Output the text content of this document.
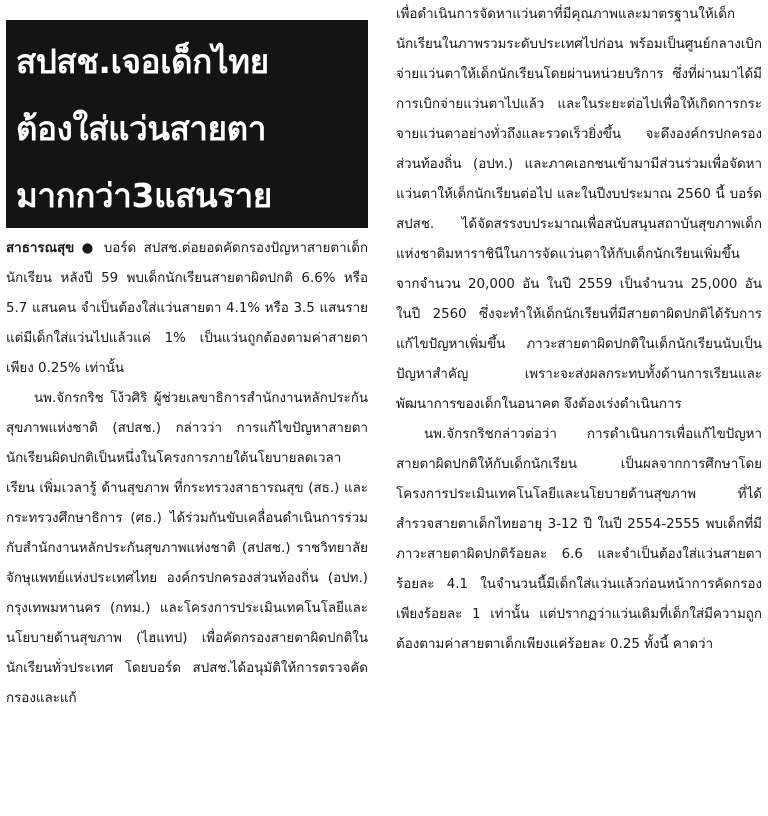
สปสช.เจอเด็กไทย
ต้องใส่แว่นสายตา
มากกว่า3แสนราย

สาธารณสุข ● บอร์ด สปสช.ต่อยอดคัดกรองปัญหาสายตาเด็กนักเรียน หลังปี 59 พบเด็กนักเรียนสายตาผิดปกติ 6.6% หรือ 5.7 แสนคน จำเป็นต้องใส่แว่นสายตา 4.1% หรือ 3.5 แสนราย แต่มีเด็กใส่แว่นไปแล้วแค่ 1% เป็นแว่นถูกต้องตามค่าสายตาเพียง 0.25% เท่านั้น

นพ.จักรกริช โง้วศิริ ผู้ช่วยเลขาธิการสำนักงานหลักประกันสุขภาพแห่งชาติ (สปสช.) กล่าวว่า การแก้ไขปัญหาสายตานักเรียนผิดปกติเป็นหนึ่งในโครงการภายใต้นโยบายลดเวลาเรียน เพิ่มเวลารู้ ด้านสุขภาพ ที่กระทรวงสาธารณสุข (สธ.) และกระทรวงศึกษาธิการ (ศธ.) ได้ร่วมกันขับเคลื่อนดำเนินการร่วมกับสำนักงานหลักประกันสุขภาพแห่งชาติ (สปสช.) ราชวิทยาลัยจักษุแพทย์แห่งประเทศไทย องค์กรปกครองส่วนท้องถิ่น (อปท.) กรุงเทพมหานคร (กทม.) และโครงการประเมินเทคโนโลยีและนโยบายด้านสุขภาพ (ไฮแทป) เพื่อคัดกรองสายตาผิดปกติในนักเรียนทั่วประเทศ โดยบอร์ด สปสช.ได้อนุมัติให้การตรวจคัดกรองและแก้

เพื่อดำเนินการจัดหาแว่นตาที่มีคุณภาพและมาตรฐานให้เด็กนักเรียนในภาพรวมระดับประเทศไปก่อน พร้อมเป็นศูนย์กลางเบิกจ่ายแว่นตาให้เด็กนักเรียนโดยผ่านหน่วยบริการ ซึ่งที่ผ่านมาได้มีการเบิกจ่ายแว่นตาไปแล้ว และในระยะต่อไปเพื่อให้เกิดการกระจายแว่นตาอย่างทั่วถึงและรวดเร็วยิ่งขึ้น จะดึงองค์กรปกครองส่วนท้องถิ่น (อปท.) และภาคเอกชนเข้ามามีส่วนร่วมเพื่อจัดหาแว่นตาให้เด็กนักเรียนต่อไป และในปีงบประมาณ 2560 นี้ บอร์ด สปสช. ได้จัดสรรงบประมาณเพื่อสนับสนุนสถาบันสุขภาพเด็กแห่งชาติมหาราชินีในการจัดแว่นตาให้กับเด็กนักเรียนเพิ่มขึ้น จากจำนวน 20,000 อัน ในปี 2559 เป็นจำนวน 25,000 อัน ในปี 2560 ซึ่งจะทำให้เด็กนักเรียนที่มีสายตาผิดปกติได้รับการแก้ไขปัญหาเพิ่มขึ้น ภาวะสายตาผิดปกติในเด็กนักเรียนนับเป็นปัญหาสำคัญ เพราะจะส่งผลกระทบทั้งด้านการเรียนและพัฒนาการของเด็กในอนาคต จึงต้องเร่งดำเนินการ

นพ.จักรกริชกล่าวต่อว่า การดำเนินการเพื่อแก้ไขปัญหาสายตาผิดปกติให้กับเด็กนักเรียน เป็นผลจากการศึกษาโดยโครงการประเมินเทคโนโลยีและนโยบายด้านสุขภาพ ที่ได้สำรวจสายตาเด็กไทยอายุ 3-12 ปี ในปี 2554-2555 พบเด็กที่มีภาวะสายตาผิดปกติร้อยละ 6.6 และจำเป็นต้องใส่แว่นสายตาร้อยละ 4.1 ในจำนวนนี้มีเด็กใส่แว่นแล้วก่อนหน้าการคัดกรองเพียงร้อยละ 1 เท่านั้น แต่ปรากฏว่าแว่นเดิมที่เด็กใส่มีความถูกต้องตามค่าสายตาเด็กเพียงแค่ร้อยละ 0.25 ทั้งนี้ คาดว่า
